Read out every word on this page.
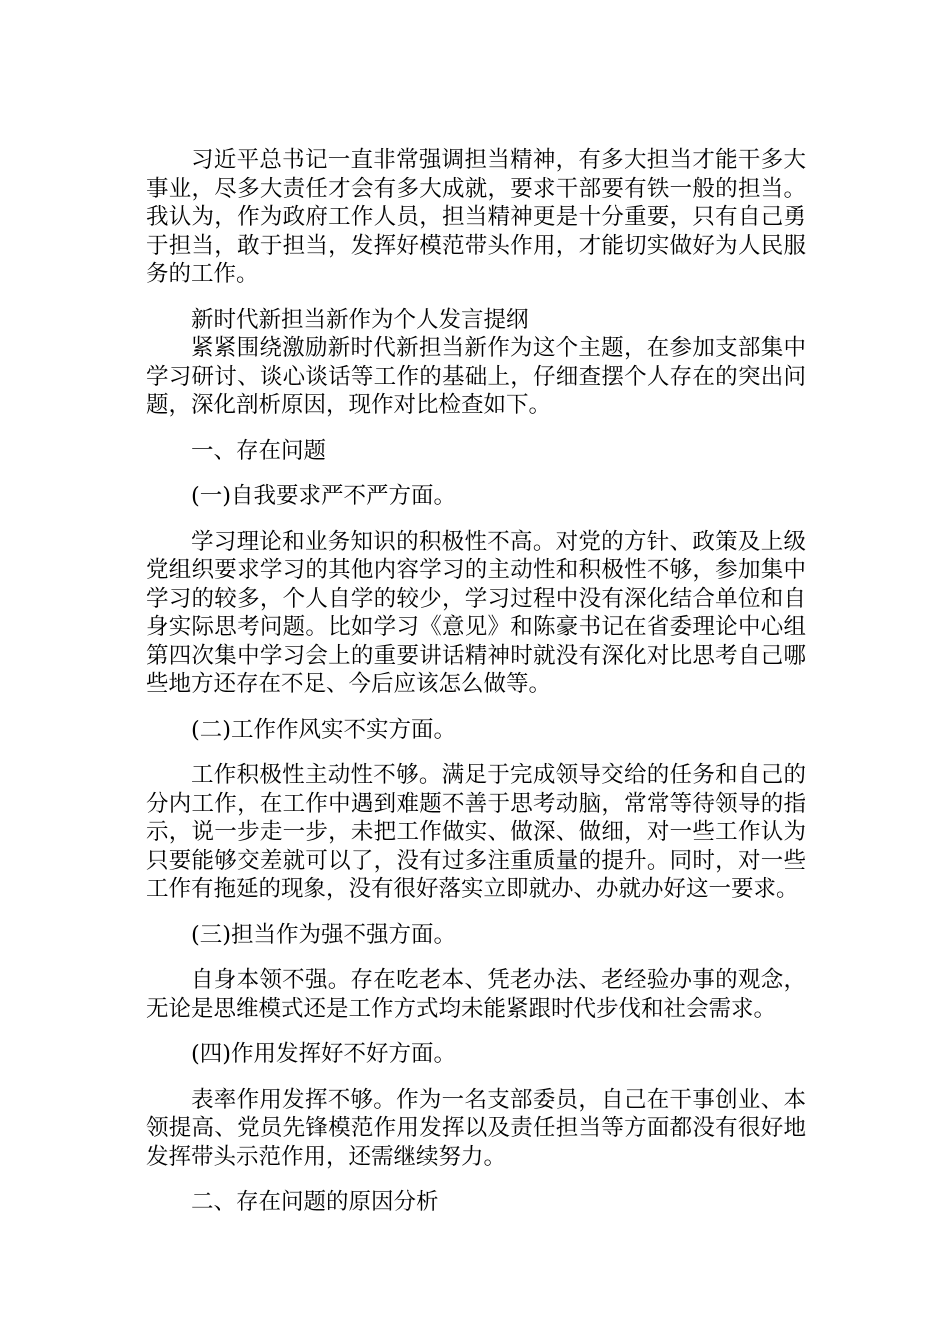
习近平总书记一直非常强调担当精神，有多大担当才能干多大事业，尽多大责任才会有多大成就，要求干部要有铁一般的担当。我认为，作为政府工作人员，担当精神更是十分重要，只有自己勇于担当，敢于担当，发挥好模范带头作用，才能切实做好为人民服务的工作。

新时代新担当新作为个人发言提纲

紧紧围绕激励新时代新担当新作为这个主题，在参加支部集中学习研讨、谈心谈话等工作的基础上，仔细查摆个人存在的突出问题，深化剖析原因，现作对比检查如下。

一、存在问题

(一)自我要求严不严方面。

学习理论和业务知识的积极性不高。对党的方针、政策及上级党组织要求学习的其他内容学习的主动性和积极性不够，参加集中学习的较多，个人自学的较少，学习过程中没有深化结合单位和自身实际思考问题。比如学习《意见》和陈豪书记在省委理论中心组第四次集中学习会上的重要讲话精神时就没有深化对比思考自己哪些地方还存在不足、今后应该怎么做等。

(二)工作作风实不实方面。

工作积极性主动性不够。满足于完成领导交给的任务和自己的分内工作，在工作中遇到难题不善于思考动脑，常常等待领导的指示，说一步走一步，未把工作做实、做深、做细，对一些工作认为只要能够交差就可以了，没有过多注重质量的提升。同时，对一些工作有拖延的现象，没有很好落实立即就办、办就办好这一要求。

(三)担当作为强不强方面。

自身本领不强。存在吃老本、凭老办法、老经验办事的观念，无论是思维模式还是工作方式均未能紧跟时代步伐和社会需求。

(四)作用发挥好不好方面。

表率作用发挥不够。作为一名支部委员，自己在干事创业、本领提高、党员先锋模范作用发挥以及责任担当等方面都没有很好地发挥带头示范作用，还需继续努力。

二、存在问题的原因分析
